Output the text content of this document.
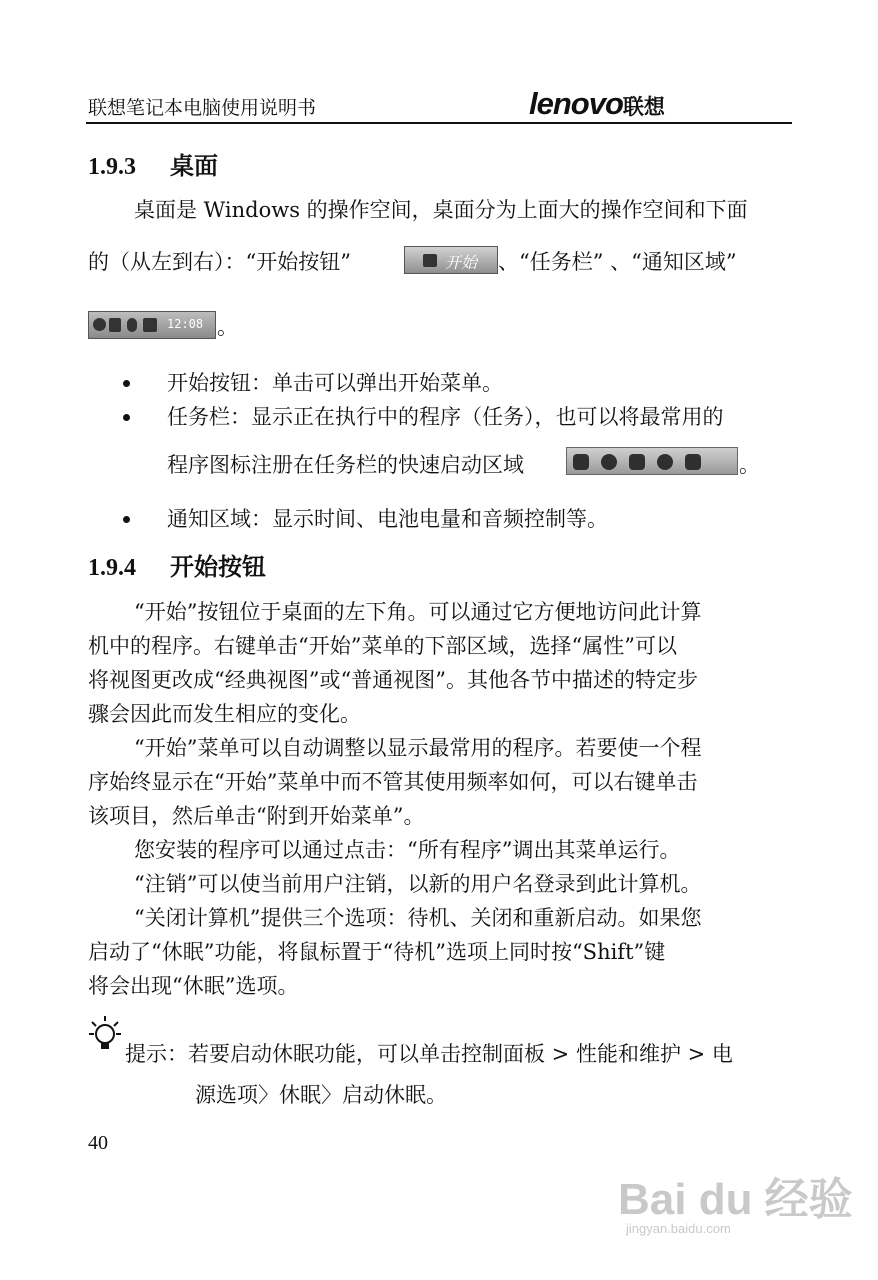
联想笔记本电脑使用说明书	lenovo联想
1.9.3 桌面
桌面是 Windows 的操作空间，桌面分为上面大的操作空间和下面
的（从左到右）：“开始按钮”	开始 、“任务栏” 、“通知区域”
12:08 。
开始按钮：单击可以弹出开始菜单。
任务栏：显示正在执行中的程序（任务），也可以将最常用的
程序图标注册在任务栏的快速启动区域	。
通知区域：显示时间、电池电量和音频控制等。
1.9.4 开始按钮
“开始”按钮位于桌面的左下角。可以通过它方便地访问此计算
机中的程序。右键单击“开始”菜单的下部区域，选择“属性”可以
将视图更改成“经典视图”或“普通视图”。其他各节中描述的特定步
骤会因此而发生相应的变化。
“开始”菜单可以自动调整以显示最常用的程序。若要使一个程
序始终显示在“开始”菜单中而不管其使用频率如何，可以右键单击
该项目，然后单击“附到开始菜单”。
您安装的程序可以通过点击：“所有程序”调出其菜单运行。
“注销”可以使当前用户注销，以新的用户名登录到此计算机。
“关闭计算机”提供三个选项：待机、关闭和重新启动。如果您
启动了“休眠”功能，将鼠标置于“待机”选项上同时按“Shift”键
将会出现“休眠”选项。
提示：若要启动休眠功能，可以单击控制面板 > 性能和维护 > 电
源选项〉休眠〉启动休眠。
40
Bai du 经验
jingyan.baidu.com
